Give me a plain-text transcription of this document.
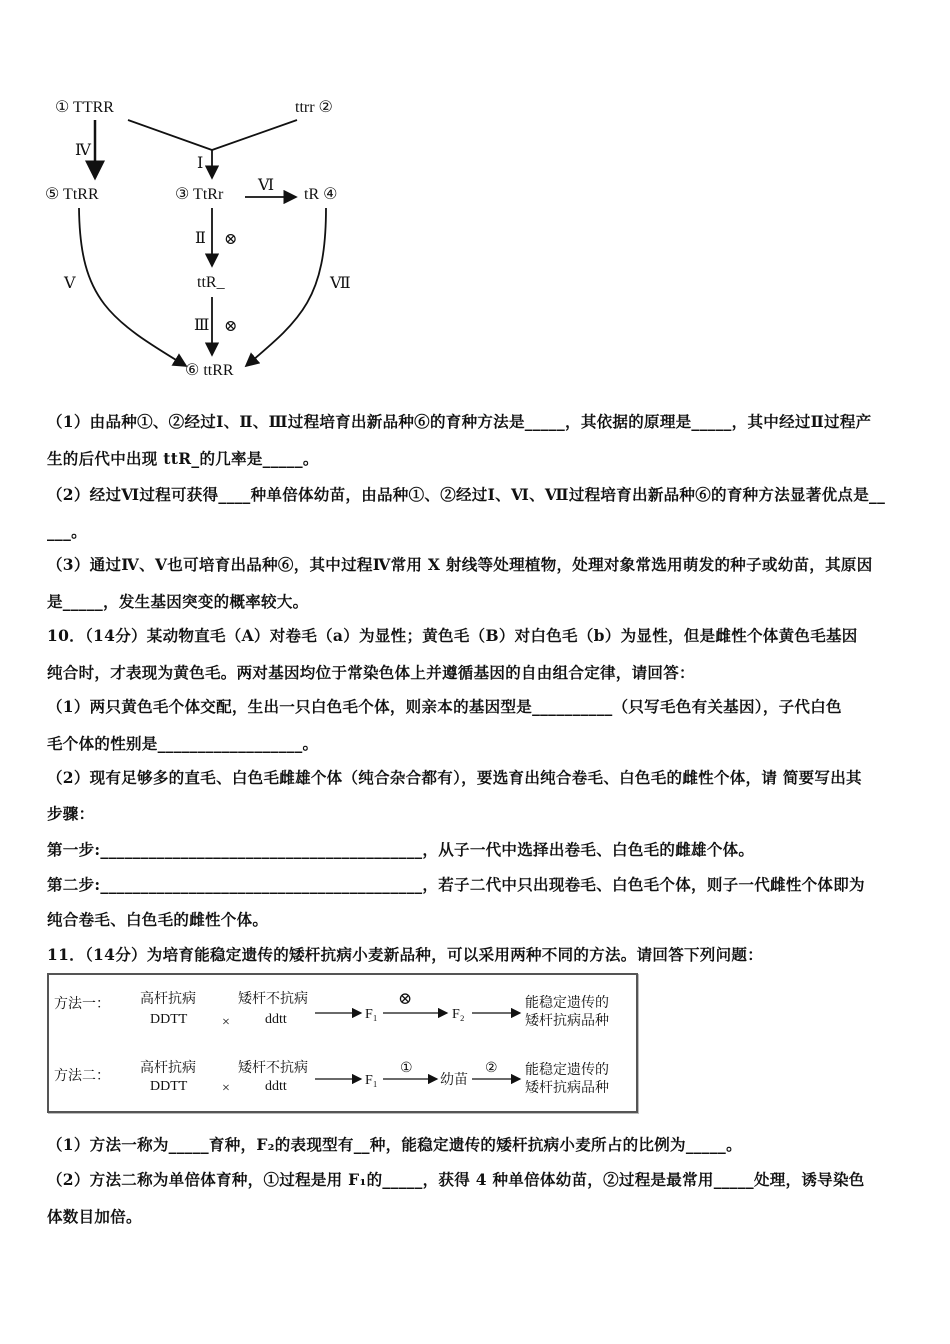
① TTRR	ttrr ②
⑤ TtRR	③ TtRr	tR ④
ttR_
⑥ ttRR
Ⅳ
Ⅰ
Ⅵ
Ⅱ ⊗
Ⅲ ⊗
Ⅴ	Ⅶ
（1）由品种①、②经过Ⅰ、Ⅱ、Ⅲ过程培育出新品种⑥的育种方法是_____，其依据的原理是_____，其中经过Ⅱ过程产
生的后代中出现 ttR_的几率是_____。
（2）经过Ⅵ过程可获得____种单倍体幼苗，由品种①、②经过Ⅰ、Ⅵ、Ⅶ过程培育出新品种⑥的育种方法显著优点是__
___。
（3）通过Ⅳ、Ⅴ也可培育出品种⑥，其中过程Ⅳ常用 X 射线等处理植物，处理对象常选用萌发的种子或幼苗，其原因
是_____，发生基因突变的概率较大。
10．（14分）某动物直毛（A）对卷毛（a）为显性；黄色毛（B）对白色毛（b）为显性，但是雌性个体黄色毛基因
纯合时，才表现为黄色毛。两对基因均位于常染色体上并遵循基因的自由组合定律，请回答：
（1）两只黄色毛个体交配，生出一只白色毛个体，则亲本的基因型是__________（只写毛色有关基因），子代白色
毛个体的性别是__________________。
（2）现有足够多的直毛、白色毛雌雄个体（纯合杂合都有），要选育出纯合卷毛、白色毛的雌性个体，请 简要写出其
步骤：
第一步:________________________________________，从子一代中选择出卷毛、白色毛的雌雄个体。
第二步:________________________________________，若子二代中只出现卷毛、白色毛个体，则子一代雌性个体即为
纯合卷毛、白色毛的雌性个体。
11．（14分）为培育能稳定遗传的矮杆抗病小麦新品种，可以采用两种不同的方法。请回答下列问题：
方法一： 高杆抗病
DDTT ×
矮杆不抗病
ddtt	F₁
⊗
F₂
能稳定遗传的
矮杆抗病品种
方法二：
高杆抗病
DDTT ×
矮杆不抗病
ddtt	F₁
①
幼苗
② 能稳定遗传的
矮杆抗病品种
（1）方法一称为_____育种，F₂的表现型有__种，能稳定遗传的矮杆抗病小麦所占的比例为_____。
（2）方法二称为单倍体育种，①过程是用 F₁的_____，获得 4 种单倍体幼苗，②过程是最常用_____处理，诱导染色
体数目加倍。
